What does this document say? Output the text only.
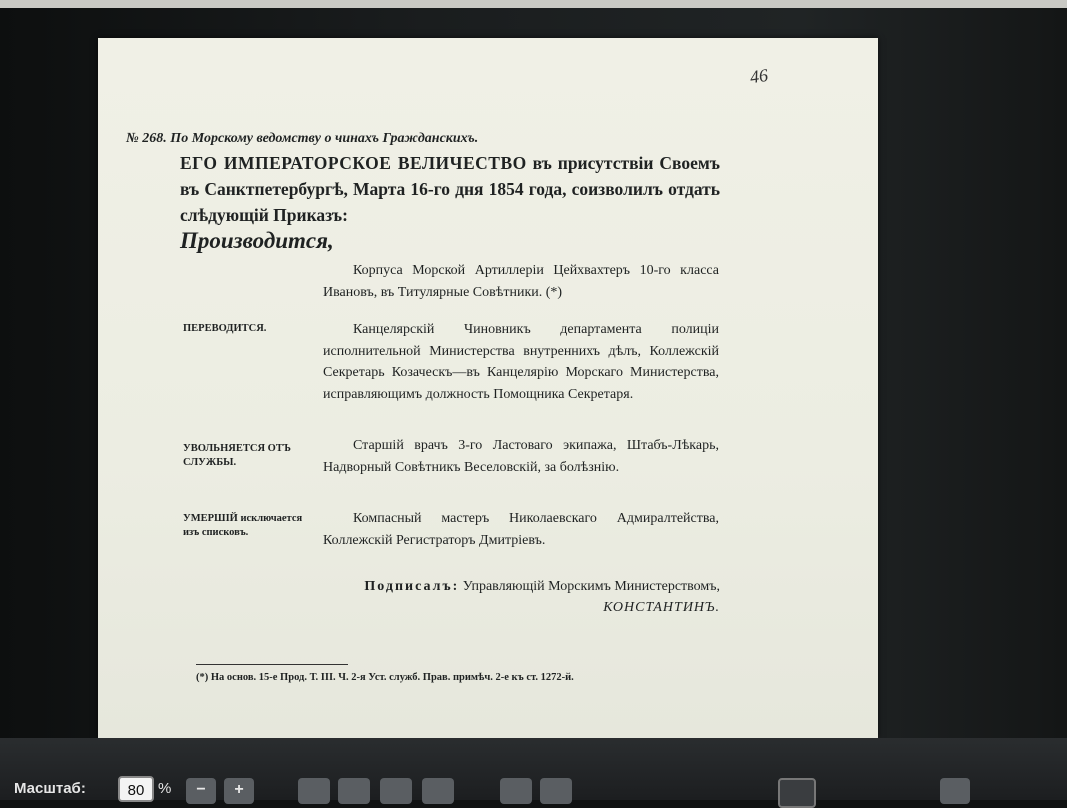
46
№ 268. По Морскому ведомству о чинахъ Гражданскихъ.
ЕГО ИМПЕРАТОРСКОЕ ВЕЛИЧЕСТВО въ присутствіи Своемъ въ Санктпетербургѣ, Марта 16-го дня 1854 года, соизволилъ отдать слѣдующій Приказъ:
Производится,
Корпуса Морской Артиллеріи Цейхвахтеръ 10-го класса Ивановъ, въ Титулярные Совѣтники. (*)
ПЕРЕВОДИТСЯ.	Канцелярскій Чиновникъ департамента полиціи исполнительной Министерства внутреннихъ дѣлъ, Коллежскій Секретарь Козаческъ—въ Канцелярію Морскаго Министерства, исправляющимъ должность Помощника Секретаря.
УВОЛЬНЯЕТСЯ ОТЪ СЛУЖБЫ.
Старшій врачъ 3-го Ластоваго экипажа, Штабъ-Лѣкарь, Надворный Совѣтникъ Веселовскій, за болѣзнію.
УМЕРШІЙ исключается изъ списковъ.
Компасный мастеръ Николаевскаго Адмиралтейства, Коллежскій Регистраторъ Дмитріевъ.
Подписалъ: Управляющій Морскимъ Министерствомъ,
КОНСТАНТИНЪ.
(*) На основ. 15-е Прод. Т. III. Ч. 2-я Уст. служб. Прав. примѣч. 2-е къ ст. 1272-й.
Масштаб:	80 %	−	+
